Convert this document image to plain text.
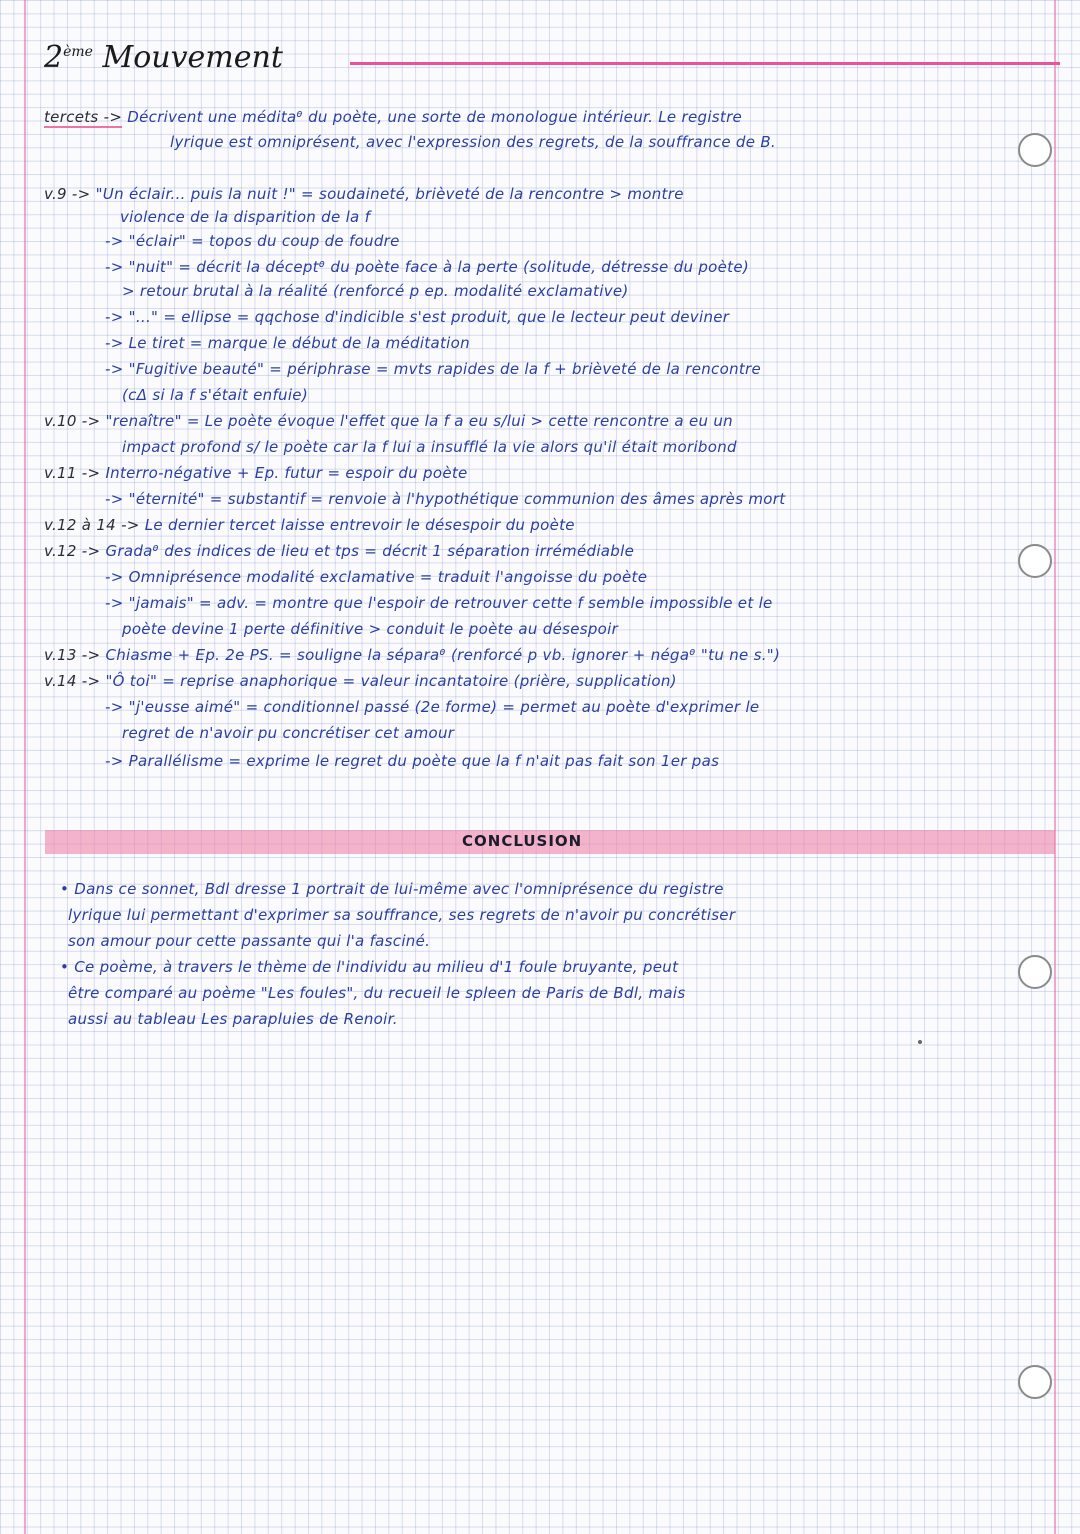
2ème Mouvement
tercets -> Décrivent une méditaᶿ du poète, une sorte de monologue intérieur. Le registre
lyrique est omniprésent, avec l'expression des regrets, de la souffrance de B.
v.9 -> "Un éclair... puis la nuit !" = soudaineté, brièveté de la rencontre > montre
violence de la disparition de la f
-> "éclair" = topos du coup de foudre
-> "nuit" = décrit la déceptᶿ du poète face à la perte (solitude, détresse du poète)
> retour brutal à la réalité (renforcé p ep. modalité exclamative)
-> "..." = ellipse = qqchose d'indicible s'est produit, que le lecteur peut deviner
-> Le tiret = marque le début de la méditation
-> "Fugitive beauté" = périphrase = mvts rapides de la f + brièveté de la rencontre
(cΔ si la f s'était enfuie)
v.10 -> "renaître" = Le poète évoque l'effet que la f a eu s/lui > cette rencontre a eu un
impact profond s/ le poète car la f lui a insufflé la vie alors qu'il était moribond
v.11 -> Interro-négative + Ep. futur = espoir du poète
-> "éternité" = substantif = renvoie à l'hypothétique communion des âmes après mort
v.12 à 14 -> Le dernier tercet laisse entrevoir le désespoir du poète
v.12 -> Gradaᶿ des indices de lieu et tps = décrit 1 séparation irrémédiable
-> Omniprésence modalité exclamative = traduit l'angoisse du poète
-> "jamais" = adv. = montre que l'espoir de retrouver cette f semble impossible et le
poète devine 1 perte définitive > conduit le poète au désespoir
v.13 -> Chiasme + Ep. 2e PS. = souligne la séparaᶿ (renforcé p vb. ignorer + négaᶿ "tu ne s.")
v.14 -> "Ô toi" = reprise anaphorique = valeur incantatoire (prière, supplication)
-> "j'eusse aimé" = conditionnel passé (2e forme) = permet au poète d'exprimer le
regret de n'avoir pu concrétiser cet amour
-> Parallélisme = exprime le regret du poète que la f n'ait pas fait son 1er pas
CONCLUSION
• Dans ce sonnet, Bdl dresse 1 portrait de lui-même avec l'omniprésence du registre
lyrique lui permettant d'exprimer sa souffrance, ses regrets de n'avoir pu concrétiser
son amour pour cette passante qui l'a fasciné.
• Ce poème, à travers le thème de l'individu au milieu d'1 foule bruyante, peut
être comparé au poème "Les foules", du recueil le spleen de Paris de Bdl, mais
aussi au tableau Les parapluies de Renoir.
